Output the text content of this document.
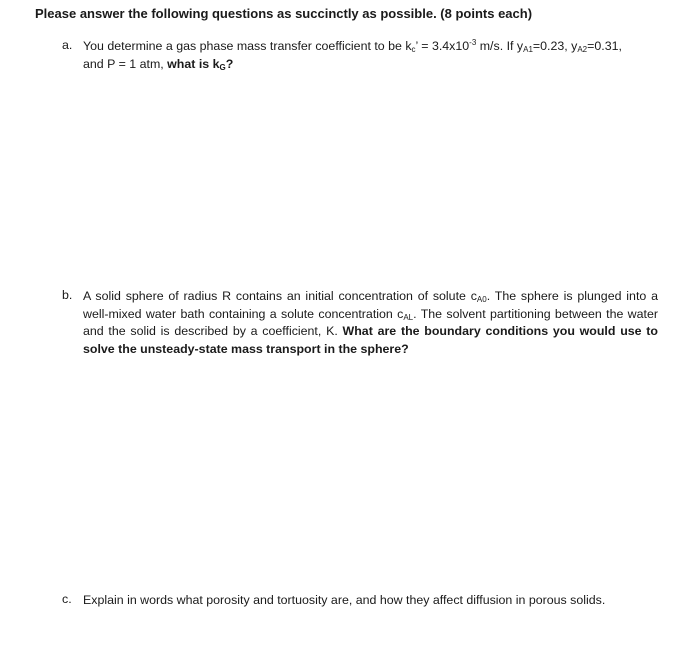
Please answer the following questions as succinctly as possible. (8 points each)
a. You determine a gas phase mass transfer coefficient to be $k_c$’ = $3.4x10^{-3}$ m/s. If $y_{A1}=0.23$, $y_{A2}=0.31$,
and P = 1 atm, what is $k_G$?
b. A solid sphere of radius R contains an initial concentration of solute $c_{A0}$. The sphere is plunged into a well-mixed water bath containing a solute concentration $c_{AL}$. The solvent partitioning between the water and the solid is described by a coefficient, K. What are the boundary conditions you would use to solve the unsteady-state mass transport in the sphere?
c. Explain in words what porosity and tortuosity are, and how they affect diffusion in porous solids.
